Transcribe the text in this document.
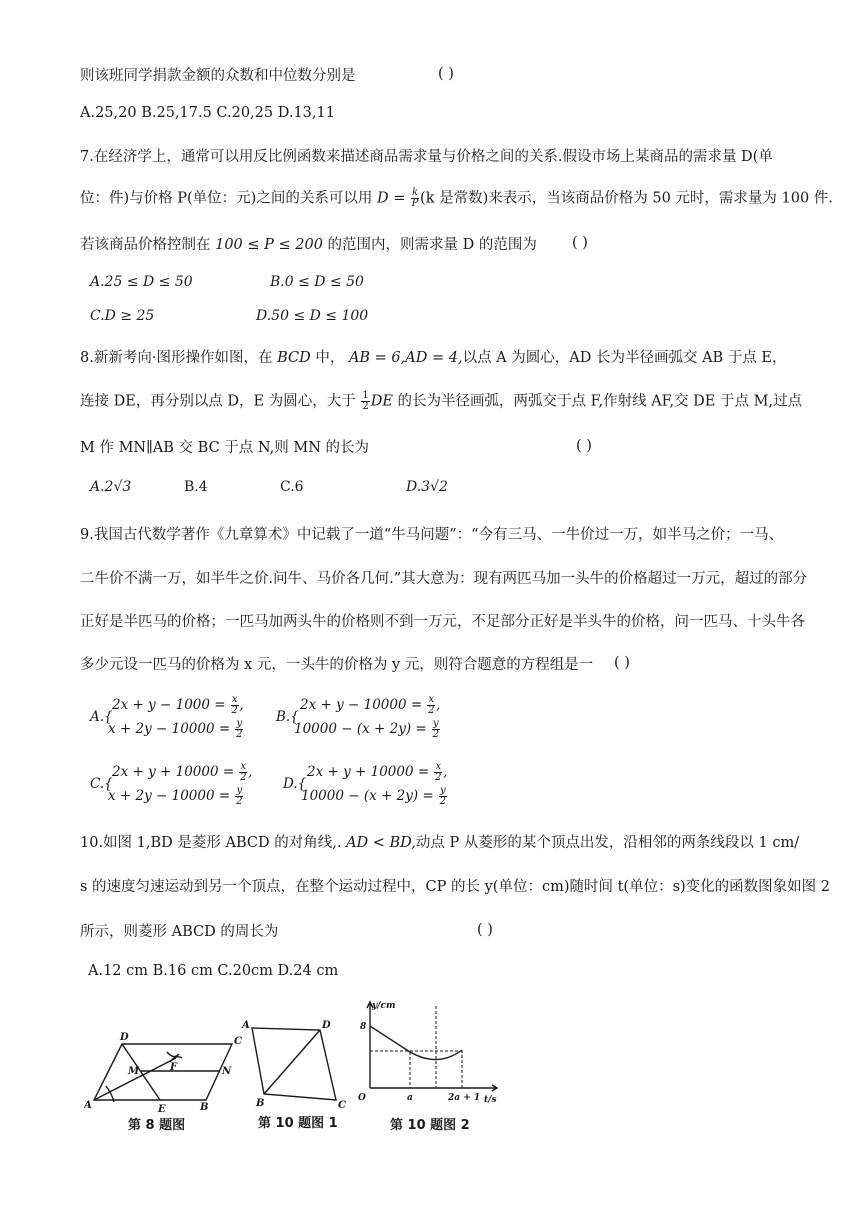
则该班同学捐款金额的众数和中位数分别是	( )
A.25,20 B.25,17.5 C.20,25 D.13,11
7.在经济学上，通常可以用反比例函数来描述商品需求量与价格之间的关系.假设市场上某商品的需求量 D(单
位：件)与价格 P(单位：元)之间的关系可以用 $D = \frac{k}{P} (k$ 是常数)来表示，当该商品价格为 50 元时，需求量为 100 件.
若该商品价格控制在 100 ≤ P ≤ 200 的范围内，则需求量 D 的范围为 ( )
A.25 ≤ D ≤ 50	B.0 ≤ D ≤ 50
C.D ≥ 25	D.50 ≤ D ≤ 100
8.新新考向·图形操作如图，在 BCD 中， AB = 6,AD = 4,以点 A 为圆心，AD 长为半径画弧交 AB 于点 E，
连接 DE，再分别以点 D，E 为圆心，大于 $\frac{1}{2}$ DE 的长为半径画弧，两弧交于点 F,作射线 AF,交 DE 于点 M,过点
M 作 MN∥AB 交 BC 于点 N,则 MN 的长为	( )
A.2√3	B.4	C.6	D.3√2
9.我国古代数学著作《九章算术》中记载了一道“牛马问题”：“今有三马、一牛价过一万，如半马之价；一马、
二牛价不满一万，如半牛之价.问牛、马价各几何.”其大意为：现有两匹马加一头牛的价格超过一万元，超过的部分
正好是半匹马的价格；一匹马加两头牛的价格则不到一万元，不足部分正好是半头牛的价格，问一匹马、十头牛各
多少元设一匹马的价格为 x 元，一头牛的价格为 y 元，则符合题意的方程组是一 ( )
A.{
$2x + y - 1000 = \frac{x}{2}$ ,
$x + 2y - 10000 = \frac{y}{2}$
B.{
$2x + y - 10000 = \frac{x}{2}$ ,
$10000 - (x + 2y) = \frac{y}{2}$
C.{
$2x + y + 10000 = \frac{x}{2}$ ,
$x + 2y - 10000 = \frac{y}{2}$
D.{
$2x + y + 10000 = \frac{x}{2}$ ,
$10000 - (x + 2y) = \frac{y}{2}$
10.如图 1,BD 是菱形 ABCD 的对角线,. AD < BD,动点 P 从菱形的某个顶点出发，沿相邻的两条线段以 1 cm/
s 的速度匀速运动到另一个顶点，在整个运动过程中，CP 的长 y(单位：cm)随时间 t(单位：s)变化的函数图象如图 2
所示，则菱形 ABCD 的周长为	( )
A.12 cm B.16 cm C.20cm D.24 cm
A	B
C
D
E
M	N
F
第 8 题图
A
B	C
D
第 10 题图 1
y/cm
t/s
O
8
a	2a + 1
第 10 题图 2
